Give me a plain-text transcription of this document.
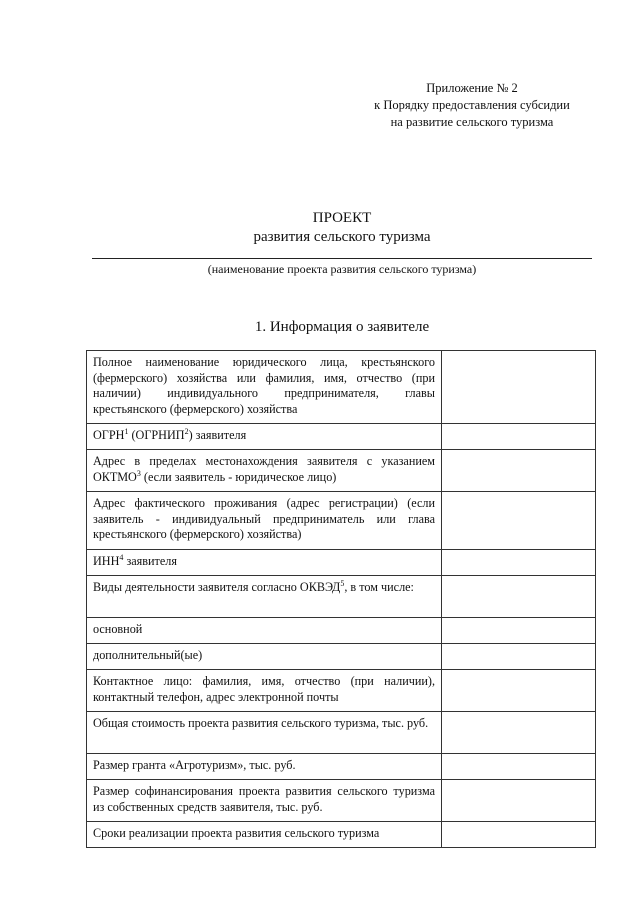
Приложение № 2
к Порядку предоставления субсидии
на развитие сельского туризма
ПРОЕКТ
развития сельского туризма
(наименование проекта развития сельского туризма)
1. Информация о заявителе
Полное наименование юридического лица, крестьянского (фермерского) хозяйства или фамилия, имя, отчество (при наличии) индивидуального предпринимателя, главы крестьянского (фермерского) хозяйства	
ОГРН$^1$ (ОГРНИП$^2$) заявителя	
Адрес в пределах местонахождения заявителя с указанием ОКТМО$^3$ (если заявитель - юридическое лицо)	
Адрес фактического проживания (адрес регистрации) (если заявитель - индивидуальный предприниматель или глава крестьянского (фермерского) хозяйства)	
ИНН$^4$ заявителя	
Виды деятельности заявителя согласно ОКВЭД$^5$, в том числе:	
основной	
дополнительный(ые)	
Контактное лицо: фамилия, имя, отчество (при наличии), контактный телефон, адрес электронной почты	
Общая стоимость проекта развития сельского туризма, тыс. руб.	
Размер гранта «Агротуризм», тыс. руб.	
Размер софинансирования проекта развития сельского туризма из собственных средств заявителя, тыс. руб.	
Сроки реализации проекта развития сельского туризма	
